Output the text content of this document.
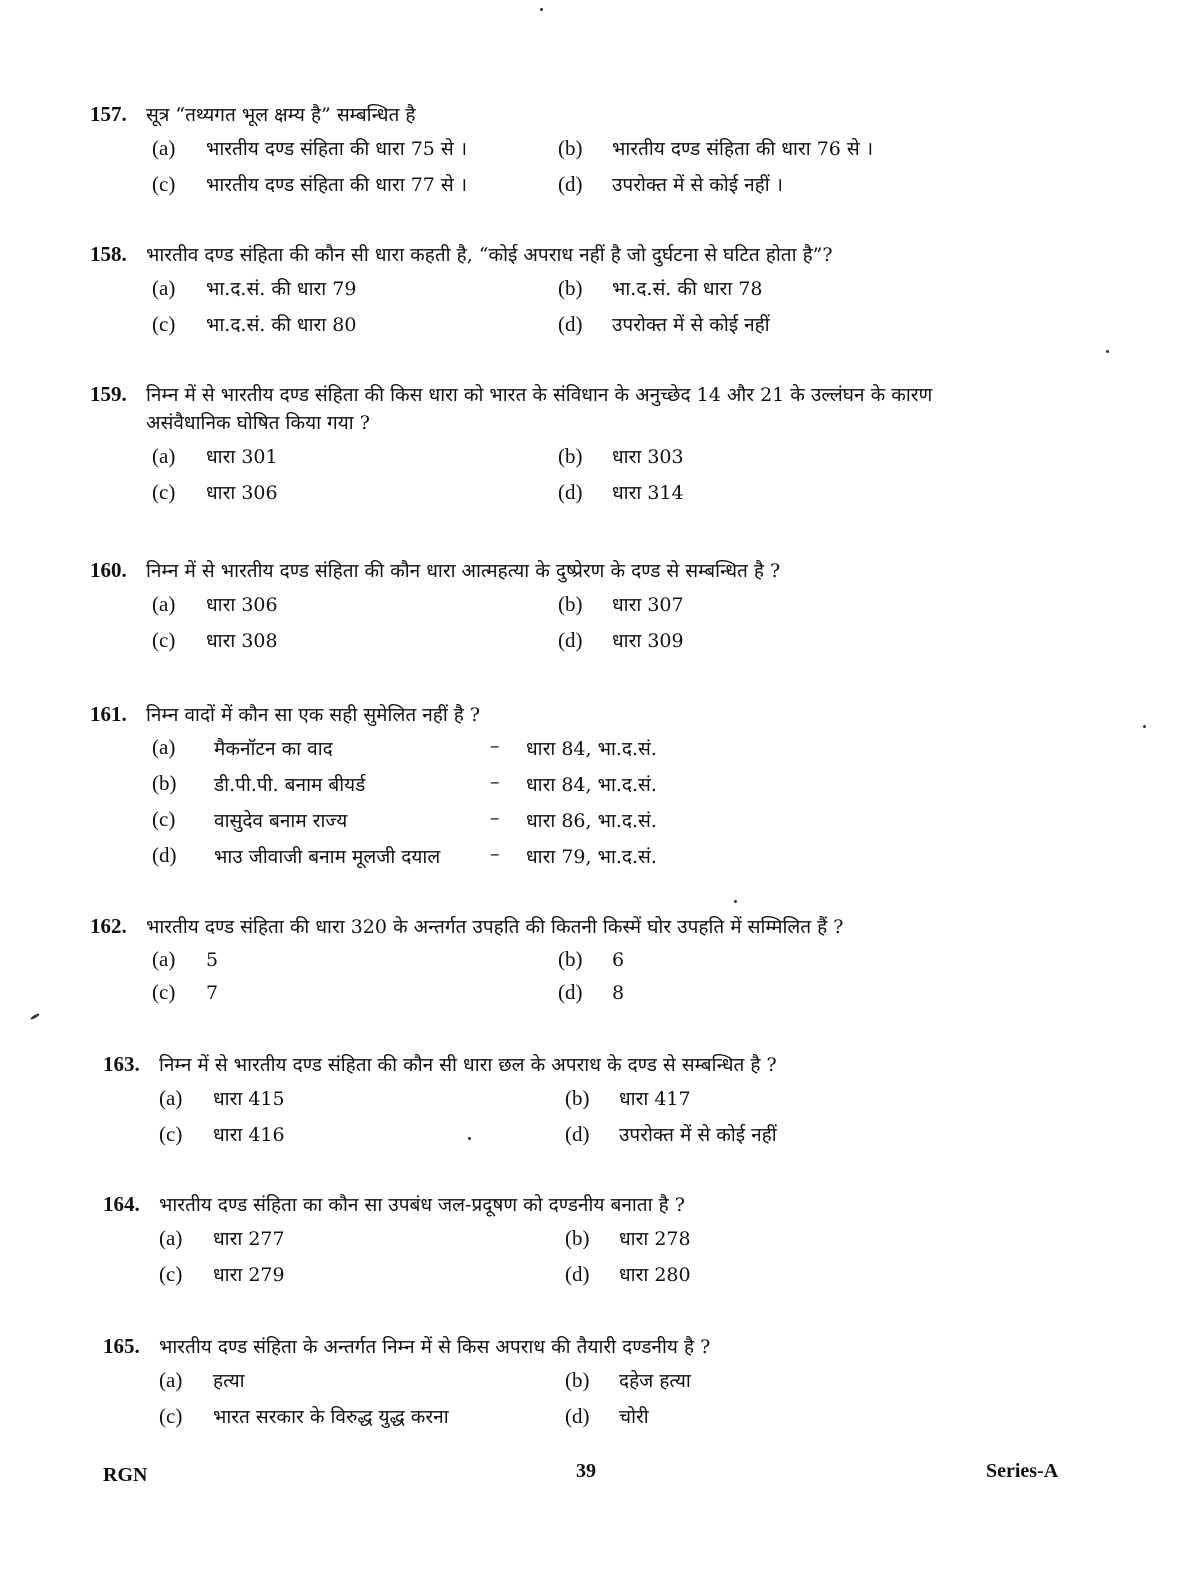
157.	सूत्र “तथ्यगत भूल क्षम्य है” सम्बन्धित है
(a)	भारतीय दण्ड संहिता की धारा 75 से ।	(b)	भारतीय दण्ड संहिता की धारा 76 से ।
(c)	भारतीय दण्ड संहिता की धारा 77 से ।	(d)	उपरोक्त में से कोई नहीं ।
158.	भारतीव दण्ड संहिता की कौन सी धारा कहती है, “कोई अपराध नहीं है जो दुर्घटना से घटित होता है”?
(a)	भा.द.सं. की धारा 79	(b)	भा.द.सं. की धारा 78
(c)	भा.द.सं. की धारा 80	(d)	उपरोक्त में से कोई नहीं
159.	निम्न में से भारतीय दण्ड संहिता की किस धारा को भारत के संविधान के अनुच्छेद 14 और 21 के उल्लंघन के कारण
असंवैधानिक घोषित किया गया ?
(a)	धारा 301	(b)	धारा 303
(c)	धारा 306	(d)	धारा 314
160.	निम्न में से भारतीय दण्ड संहिता की कौन धारा आत्महत्या के दुष्प्रेरण के दण्ड से सम्बन्धित है ?
(a)	धारा 306	(b)	धारा 307
(c)	धारा 308	(d)	धारा 309
161.	निम्न वादों में कौन सा एक सही सुमेलित नहीं है ?
(a)	मैकनॉटन का वाद	– धारा 84, भा.द.सं.
(b)	डी.पी.पी. बनाम बीयर्ड	– धारा 84, भा.द.सं.
(c)	वासुदेव बनाम राज्य	– धारा 86, भा.द.सं.
(d)	भाउ जीवाजी बनाम मूलजी दयाल	– धारा 79, भा.द.सं.
162.	भारतीय दण्ड संहिता की धारा 320 के अन्तर्गत उपहति की कितनी किस्में घोर उपहति में सम्मिलित हैं ?
(a)	5	(b)	6
(c)	7	(d)	8
163.	निम्न में से भारतीय दण्ड संहिता की कौन सी धारा छल के अपराध के दण्ड से सम्बन्धित है ?
(a)	धारा 415	(b)	धारा 417
(c)	धारा 416	(d)	उपरोक्त में से कोई नहीं
164.	भारतीय दण्ड संहिता का कौन सा उपबंध जल-प्रदूषण को दण्डनीय बनाता है ?
(a)	धारा 277	(b)	धारा 278
(c)	धारा 279	(d)	धारा 280
165.	भारतीय दण्ड संहिता के अन्तर्गत निम्न में से किस अपराध की तैयारी दण्डनीय है ?
(a)	हत्या	(b)	दहेज हत्या
(c)	भारत सरकार के विरुद्ध युद्ध करना	(d)	चोरी
RGN	39	Series-A
